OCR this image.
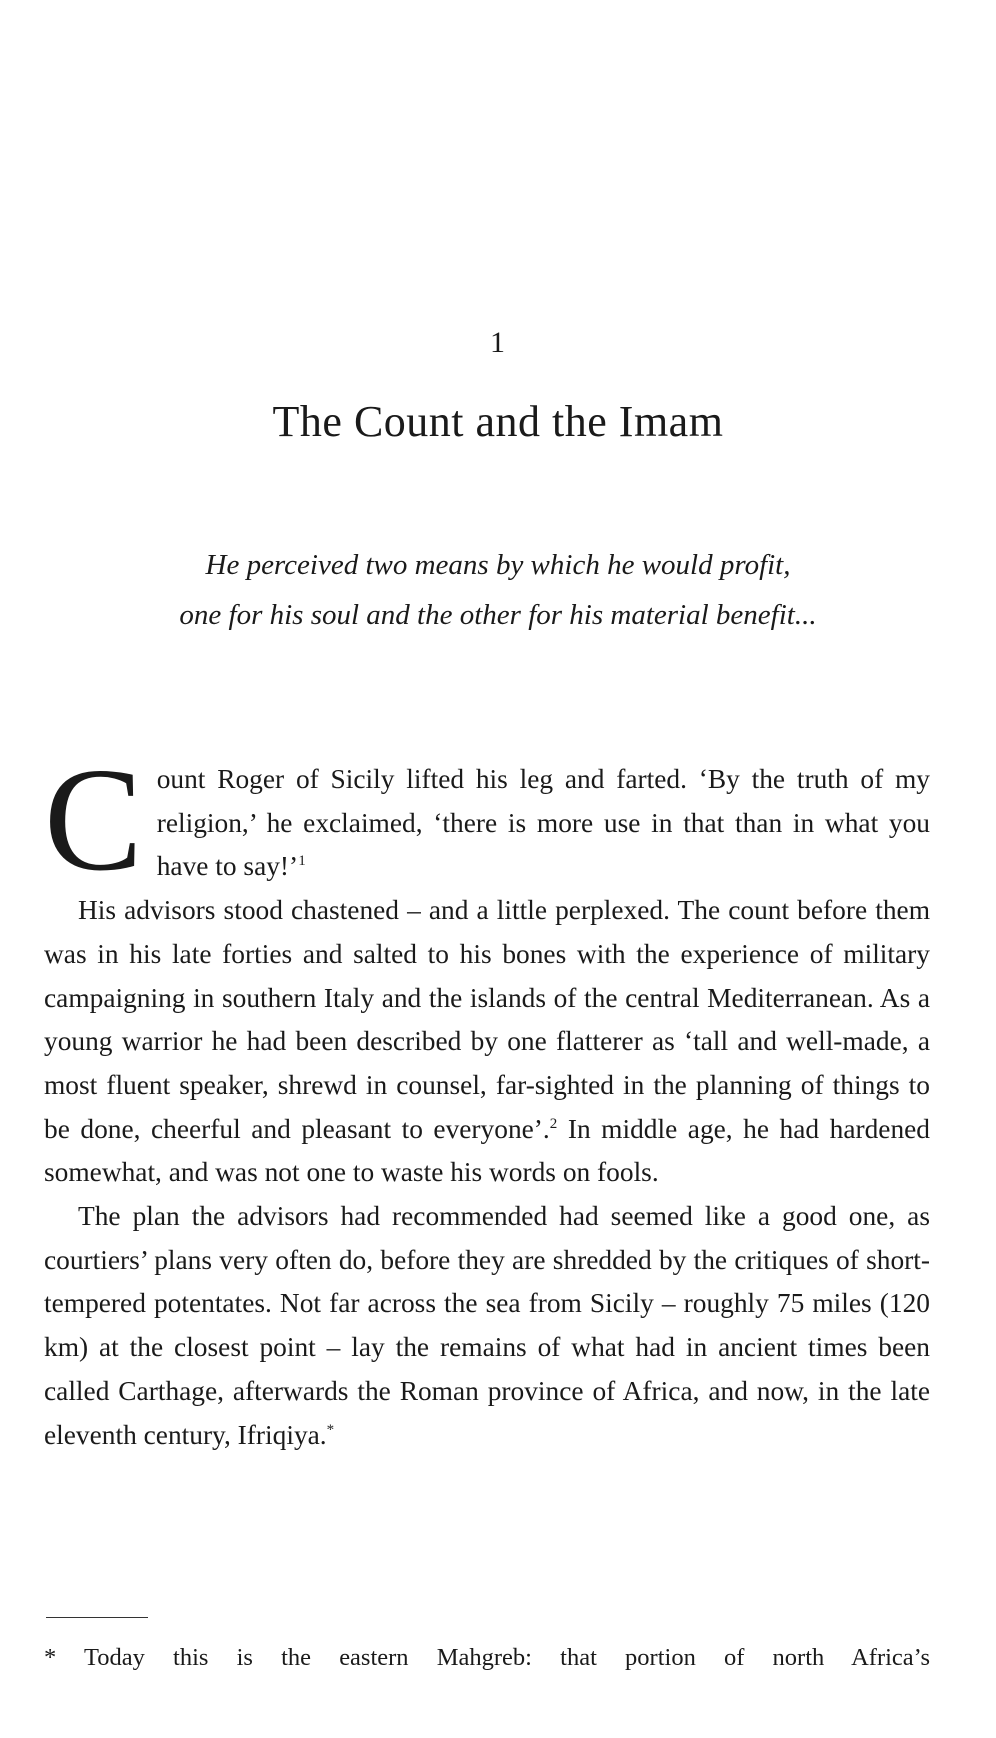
1
The Count and the Imam
He perceived two means by which he would profit,
one for his soul and the other for his material benefit...

Count Roger of Sicily lifted his leg and farted. ‘By the truth of my religion,’ he exclaimed, ‘there is more use in that than in what you have to say!’$^1$

His advisors stood chastened – and a little perplexed. The count before them was in his late forties and salted to his bones with the experience of military campaigning in southern Italy and the islands of the central Mediterranean. As a young warrior he had been described by one flatterer as ‘tall and well-made, a most fluent speaker, shrewd in counsel, far-sighted in the planning of things to be done, cheerful and pleasant to everyone’.$^2$ In middle age, he had hardened somewhat, and was not one to waste his words on fools.

The plan the advisors had recommended had seemed like a good one, as courtiers’ plans very often do, before they are shredded by the critiques of short-tempered potentates. Not far across the sea from Sicily – roughly 75 miles (120 km) at the closest point – lay the remains of what had in ancient times been called Carthage, afterwards the Roman province of Africa, and now, in the late eleventh century, Ifriqiya.*

* Today this is the eastern Mahgreb: that portion of north Africa’s
